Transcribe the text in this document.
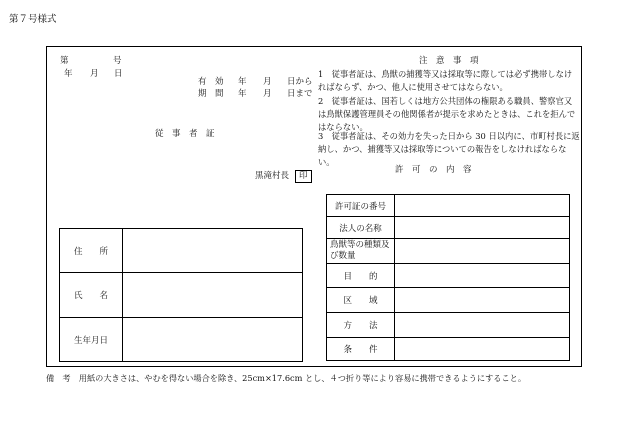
第７号様式
第	号
年 月 日
有　効 年 月 日から
期　間 年 月 日まで
従　事　者　証
黒滝村長 印
注　意　事　項
1　従事者証は、鳥獣の捕獲等又は採取等に際しては必ず携帯しなければならず、かつ、他人に使用させてはならない。
2　従事者証は、国若しくは地方公共団体の権限ある職員、警察官又は鳥獣保護管理員その他関係者が提示を求めたときは、これを拒んではならない。
3　従事者証は、その効力を失った日から 30 日以内に、市町村長に返納し、かつ、捕獲等又は採取等についての報告をしなければならない。
許　可　の　内　容
許可証の番号	
法人の名称	
鳥獣等の種類及び数量	
目　　的	
区　　域	
方　　法	
条　　件	
住　　所	
氏　　名	
生年月日	
備　考　用紙の大きさは、やむを得ない場合を除き、25cm×17.6cm とし、４つ折り等により容易に携帯できるようにすること。
